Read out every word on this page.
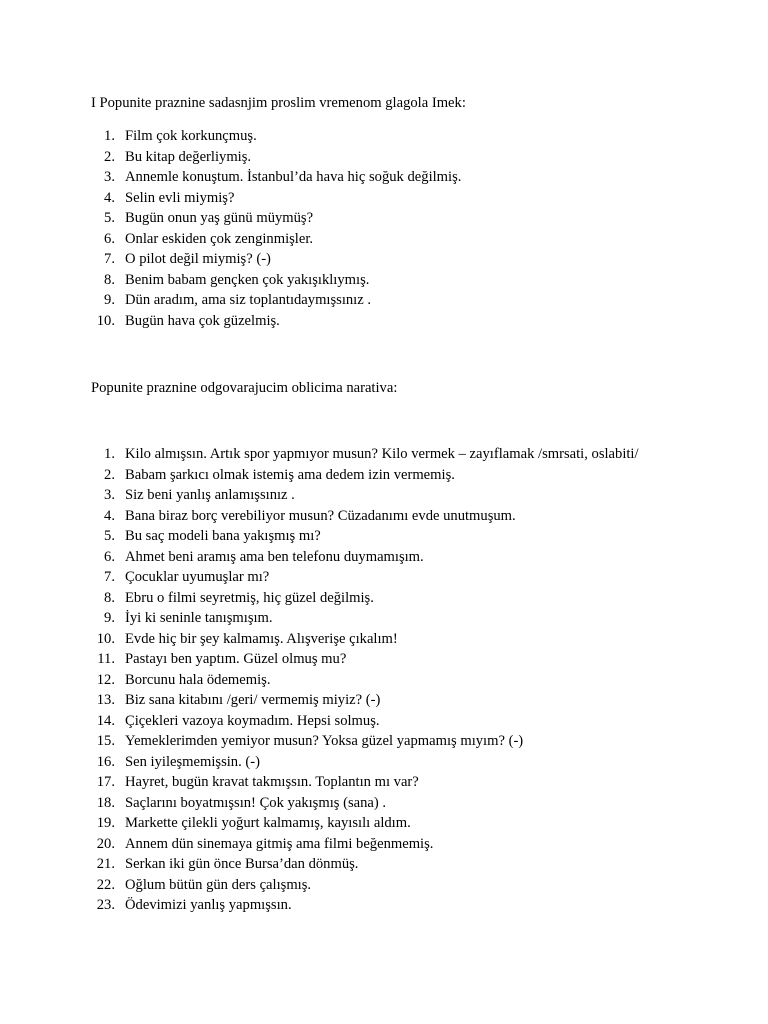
I Popunite praznine sadasnjim proslim vremenom glagola Imek:

1. Film çok korkunçmuş.
2. Bu kitap değerliymiş.
3. Annemle konuştum. İstanbul’da hava hiç soğuk değilmiş.
4. Selin evli miymiş?
5. Bugün onun yaş günü müymüş?
6. Onlar eskiden çok zenginmişler.
7. O pilot değil miymiş? (-)
8. Benim babam gençken çok yakışıklıymış.
9. Dün aradım, ama siz toplantıdaymışsınız .
10. Bugün hava çok güzelmiş.

Popunite praznine odgovarajucim oblicima narativa:

1. Kilo almışsın. Artık spor yapmıyor musun? Kilo vermek – zayıflamak /smrsati, oslabiti/
2. Babam şarkıcı olmak istemiş ama dedem izin vermemiş.
3. Siz beni yanlış anlamışsınız .
4. Bana biraz borç verebiliyor musun? Cüzadanımı evde unutmuşum.
5. Bu saç modeli bana yakışmış mı?
6. Ahmet beni aramış ama ben telefonu duymamışım.
7. Çocuklar uyumuşlar mı?
8. Ebru o filmi seyretmiş, hiç güzel değilmiş.
9. İyi ki seninle tanışmışım.
10. Evde hiç bir şey kalmamış. Alışverişe çıkalım!
11. Pastayı ben yaptım. Güzel olmuş mu?
12. Borcunu hala ödememiş.
13. Biz sana kitabını /geri/ vermemiş miyiz? (-)
14. Çiçekleri vazoya koymadım. Hepsi solmuş.
15. Yemeklerimden yemiyor musun? Yoksa güzel yapmamış mıyım? (-)
16. Sen iyileşmemişsin. (-)
17. Hayret, bugün kravat takmışsın. Toplantın mı var?
18. Saçlarını boyatmışsın! Çok yakışmış (sana) .
19. Markette çilekli yoğurt kalmamış, kayısılı aldım.
20. Annem dün sinemaya gitmiş ama filmi beğenmemiş.
21. Serkan iki gün önce Bursa’dan dönmüş.
22. Oğlum bütün gün ders çalışmış.
23. Ödevimizi yanlış yapmışsın.
